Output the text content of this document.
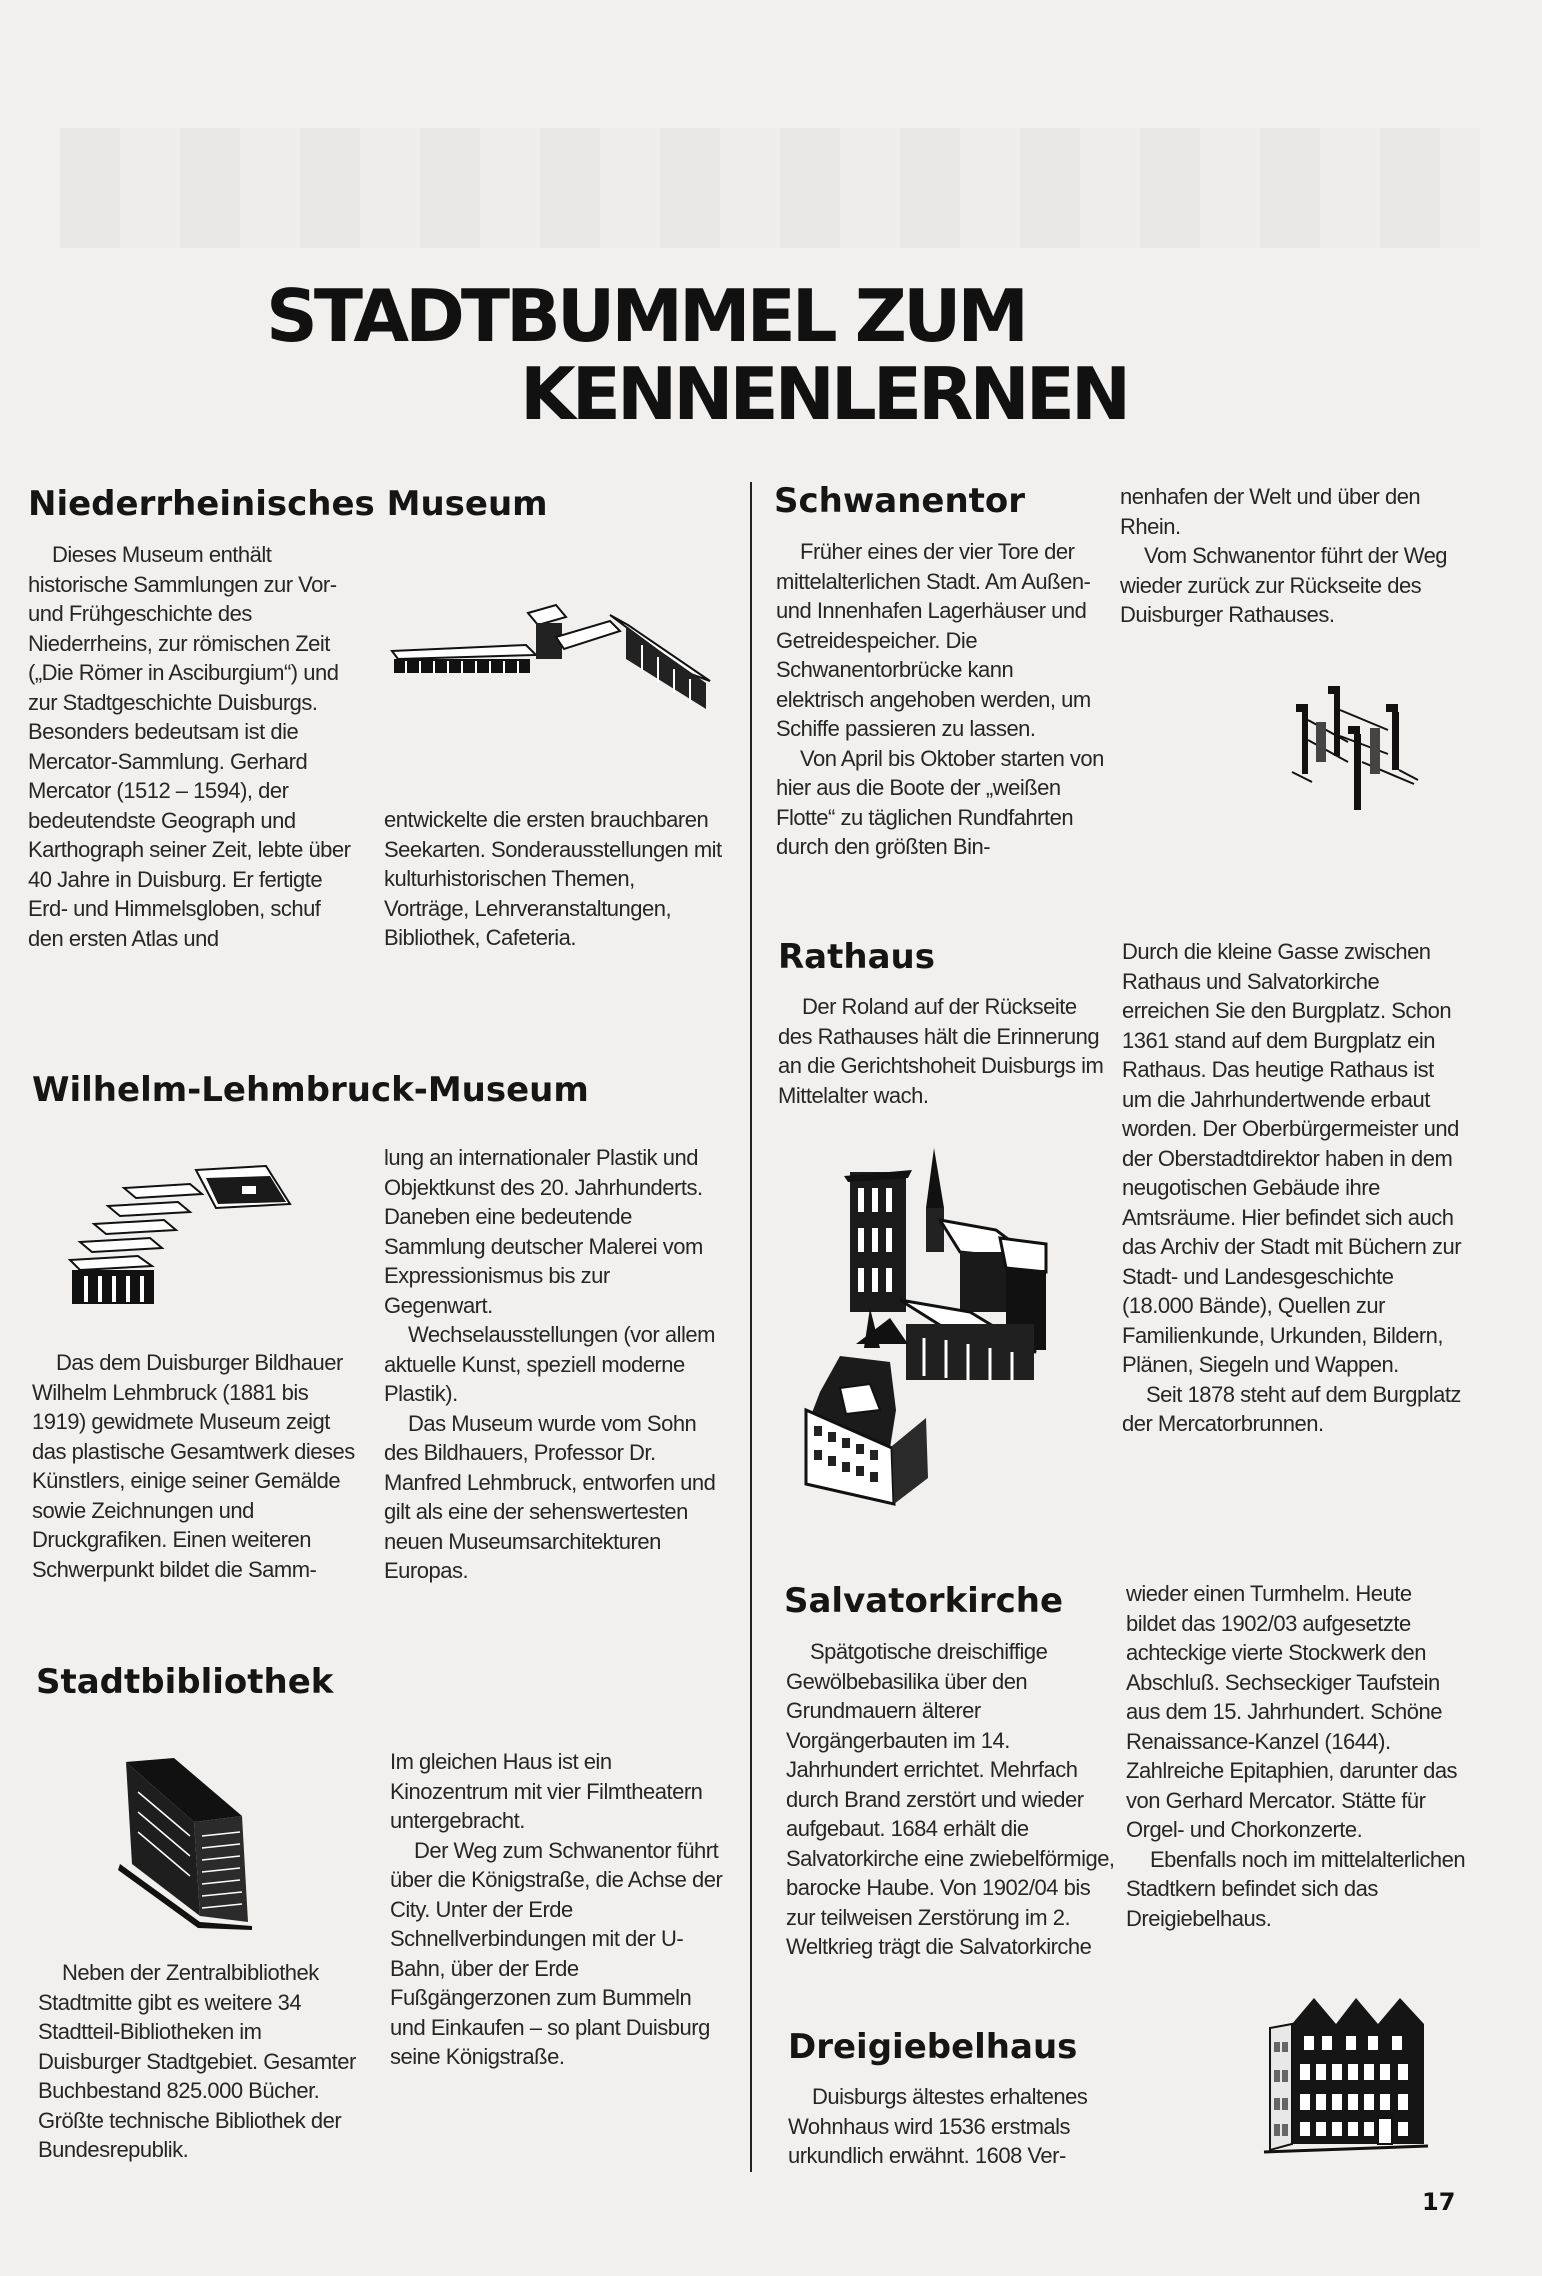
STADTBUMMEL ZUM
KENNENLERNEN
Niederrheinisches Museum

Dieses Museum enthält historische Sammlungen zur Vor- und Frühgeschichte des Niederrheins, zur römischen Zeit („Die Römer in Asciburgium“) und zur Stadtgeschichte Duisburgs. Besonders bedeutsam ist die Mercator-Sammlung. Gerhard Mercator (1512 – 1594), der bedeutendste Geograph und Karthograph seiner Zeit, lebte über 40 Jahre in Duisburg. Er fertigte Erd- und Himmelsgloben, schuf den ersten Atlas und

entwickelte die ersten brauchbaren Seekarten. Sonderausstellungen mit kulturhistorischen Themen, Vorträge, Lehrveranstaltungen, Bibliothek, Cafeteria.

Wilhelm-Lehmbruck-Museum

Das dem Duisburger Bildhauer Wilhelm Lehmbruck (1881 bis 1919) gewidmete Museum zeigt das plastische Gesamtwerk dieses Künstlers, einige seiner Gemälde sowie Zeichnungen und Druckgrafiken. Einen weiteren Schwerpunkt bildet die Samm-

lung an internationaler Plastik und Objektkunst des 20. Jahrhunderts. Daneben eine bedeutende Sammlung deutscher Malerei vom Expressionismus bis zur Gegenwart.
Wechselausstellungen (vor allem aktuelle Kunst, speziell moderne Plastik).
Das Museum wurde vom Sohn des Bildhauers, Professor Dr. Manfred Lehmbruck, entworfen und gilt als eine der sehenswertesten neuen Museumsarchitekturen Europas.

Stadtbibliothek

Neben der Zentralbibliothek Stadtmitte gibt es weitere 34 Stadtteil-Bibliotheken im Duisburger Stadtgebiet. Gesamter Buchbestand 825.000 Bücher. Größte technische Bibliothek der Bundesrepublik.

Im gleichen Haus ist ein Kinozentrum mit vier Filmtheatern untergebracht.
Der Weg zum Schwanentor führt über die Königstraße, die Achse der City. Unter der Erde Schnellverbindungen mit der U-Bahn, über der Erde Fußgängerzonen zum Bummeln und Einkaufen – so plant Duisburg seine Königstraße.

Schwanentor

Früher eines der vier Tore der mittelalterlichen Stadt. Am Außen- und Innenhafen Lagerhäuser und Getreidespeicher. Die Schwanentorbrücke kann elektrisch angehoben werden, um Schiffe passieren zu lassen.
Von April bis Oktober starten von hier aus die Boote der „weißen Flotte“ zu täglichen Rundfahrten durch den größten Bin-

nenhafen der Welt und über den Rhein.
Vom Schwanentor führt der Weg wieder zurück zur Rückseite des Duisburger Rathauses.

Rathaus

Der Roland auf der Rückseite des Rathauses hält die Erinnerung an die Gerichtshoheit Duisburgs im Mittelalter wach.

Durch die kleine Gasse zwischen Rathaus und Salvatorkirche erreichen Sie den Burgplatz. Schon 1361 stand auf dem Burgplatz ein Rathaus. Das heutige Rathaus ist um die Jahrhundertwende erbaut worden. Der Oberbürgermeister und der Oberstadtdirektor haben in dem neugotischen Gebäude ihre Amtsräume. Hier befindet sich auch das Archiv der Stadt mit Büchern zur Stadt- und Landesgeschichte (18.000 Bände), Quellen zur Familienkunde, Urkunden, Bildern, Plänen, Siegeln und Wappen.
Seit 1878 steht auf dem Burgplatz der Mercatorbrunnen.

Salvatorkirche

Spätgotische dreischiffige Gewölbebasilika über den Grundmauern älterer Vorgängerbauten im 14. Jahrhundert errichtet. Mehrfach durch Brand zerstört und wieder aufgebaut. 1684 erhält die Salvatorkirche eine zwiebelförmige, barocke Haube. Von 1902/04 bis zur teilweisen Zerstörung im 2. Weltkrieg trägt die Salvatorkirche

wieder einen Turmhelm. Heute bildet das 1902/03 aufgesetzte achteckige vierte Stockwerk den Abschluß. Sechseckiger Taufstein aus dem 15. Jahrhundert. Schöne Renaissance-Kanzel (1644). Zahlreiche Epitaphien, darunter das von Gerhard Mercator. Stätte für Orgel- und Chorkonzerte.
Ebenfalls noch im mittelalterlichen Stadtkern befindet sich das Dreigiebelhaus.

Dreigiebelhaus

Duisburgs ältestes erhaltenes Wohnhaus wird 1536 erstmals urkundlich erwähnt. 1608 Ver-

17
